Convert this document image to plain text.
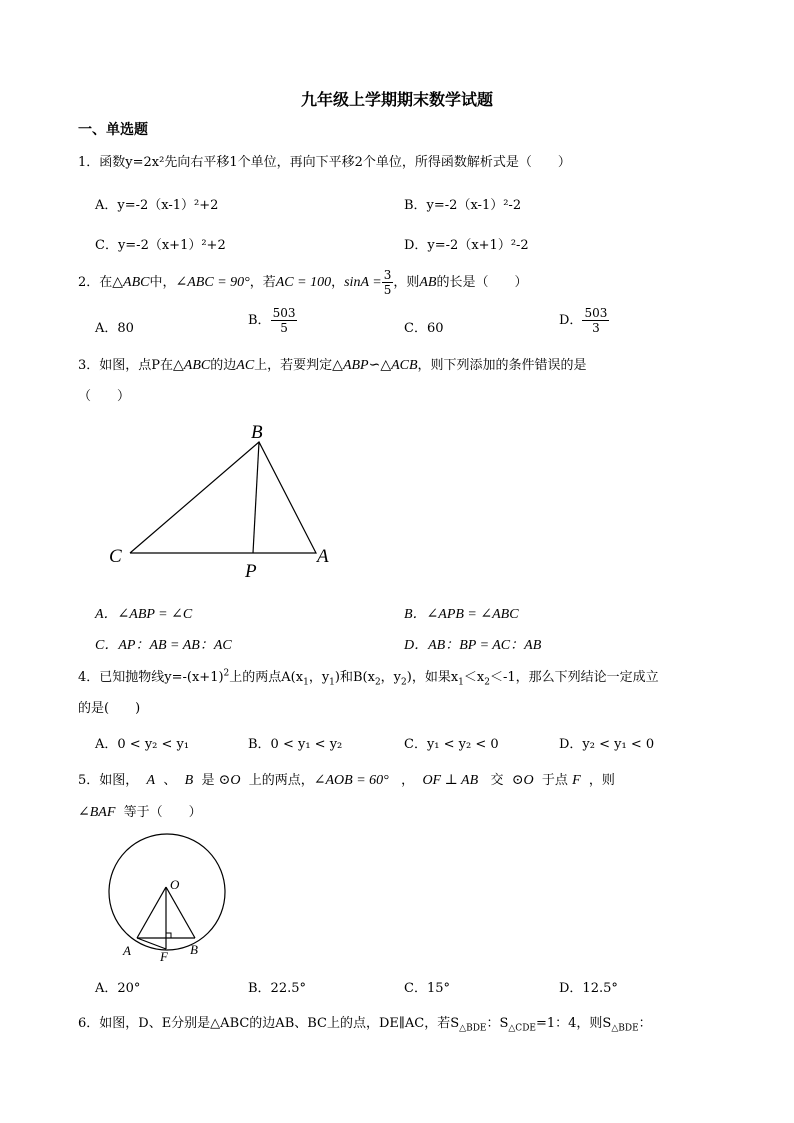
九年级上学期期末数学试题
一、单选题
1．函数y=2x²先向右平移1个单位，再向下平移2个单位，所得函数解析式是（　　）
A．y=-2（x-1）²+2	B．y=-2（x-1）²-2
C．y=-2（x+1）²+2	D．y=-2（x+1）²-2
2．在△ABC中，∠ABC = 90°，若AC = 100，$\sin A = \frac{3}{5}$ ，则AB的长是（　　）
A．80
B． $\frac{503}{5}$	C．60
D． $\frac{503}{3}$
3．如图，点P在△ABC的边AC上，若要判定△ABP∽△ACB，则下列添加的条件错误的是
（　　）
B
C	A
P
A．∠ABP = ∠C	B．∠APB = ∠ABC
C．AP：AB = AB：AC	D．AB：BP = AC：AB
4．已知抛物线$y=-(x+1)^2$上的两点$A(x_1$，$y_1$)和$B(x_2$，$y_2$)，如果$x_1<x_2<-1$，那么下列结论一定成立
的是(　　)
A．0 < y₂ < y₁	B．0 < y₁ < y₂	C．y₁ < y₂ < 0	D．y₂ < y₁ < 0
5．如图， A 、 B 是 ⊙O 上的两点，∠AOB = 60°   ，  OF ⊥ AB 交 ⊙O 于点 F ，则
∠BAF 等于（　　）
O
A	B
F
A．20°	B．22.5°	C．15°	D．12.5°
6．如图，D、E分别是△ABC的边AB、BC上的点，DE∥AC，若$S_{\triangle BDE}$：$S_{\triangle CDE}=1$：4，则$S_{\triangle BDE}$：
